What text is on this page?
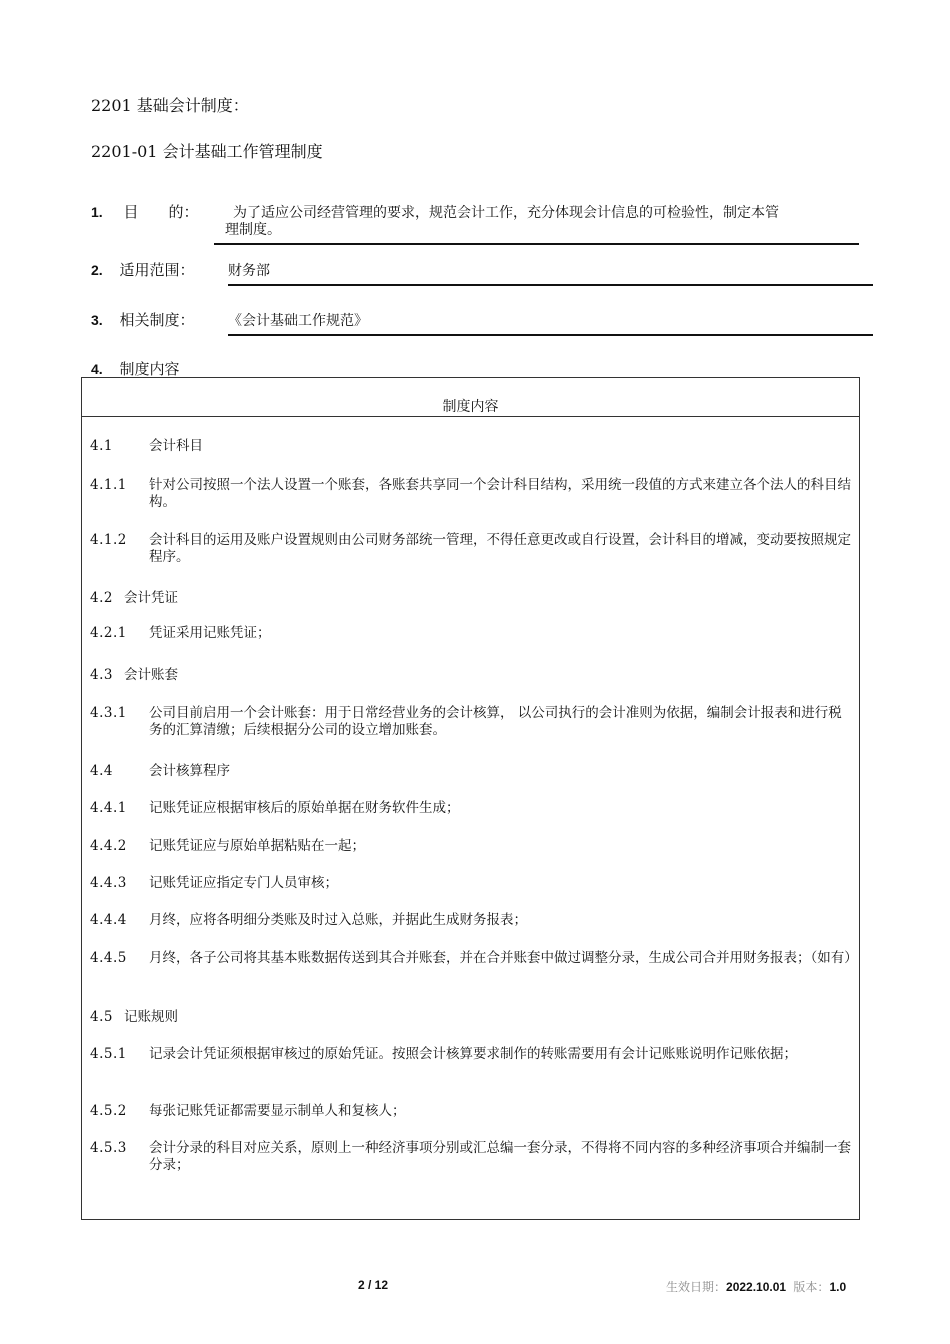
2201 基础会计制度：
2201-01 会计基础工作管理制度
1. 目　　的： 为了适应公司经营管理的要求，规范会计工作，充分体现会计信息的可检验性，制定本管
理制度。
2. 适用范围： 财务部
3. 相关制度： 《会计基础工作规范》
4. 制度内容
制度内容
4.1	会计科目
4.1.1 针对公司按照一个法人设置一个账套，各账套共享同一个会计科目结构，采用统一段值的方式来建立各个法人的科目结构。
4.1.2 会计科目的运用及账户设置规则由公司财务部统一管理，不得任意更改或自行设置，会计科目的增减，变动要按照规定程序。
4.2 会计凭证
4.2.1 凭证采用记账凭证；
4.3 会计账套
4.3.1 公司目前启用一个会计账套：用于日常经营业务的会计核算， 以公司执行的会计准则为依据，编制会计报表和进行税务的汇算清缴；后续根据分公司的设立增加账套。
4.4	会计核算程序
4.4.1 记账凭证应根据审核后的原始单据在财务软件生成；
4.4.2 记账凭证应与原始单据粘贴在一起；
4.4.3 记账凭证应指定专门人员审核；
4.4.4 月终，应将各明细分类账及时过入总账，并据此生成财务报表；
4.4.5 月终，各子公司将其基本账数据传送到其合并账套，并在合并账套中做过调整分录，生成公司合并用财务报表；（如有）
4.5 记账规则
4.5.1 记录会计凭证须根据审核过的原始凭证。按照会计核算要求制作的转账需要用有会计记账账说明作记账依据；
4.5.2 每张记账凭证都需要显示制单人和复核人；
4.5.3 会计分录的科目对应关系，原则上一种经济事项分别或汇总编一套分录，不得将不同内容的多种经济事项合并编制一套分录；
2 / 12	生效日期：2022.10.01 版本：1.0
